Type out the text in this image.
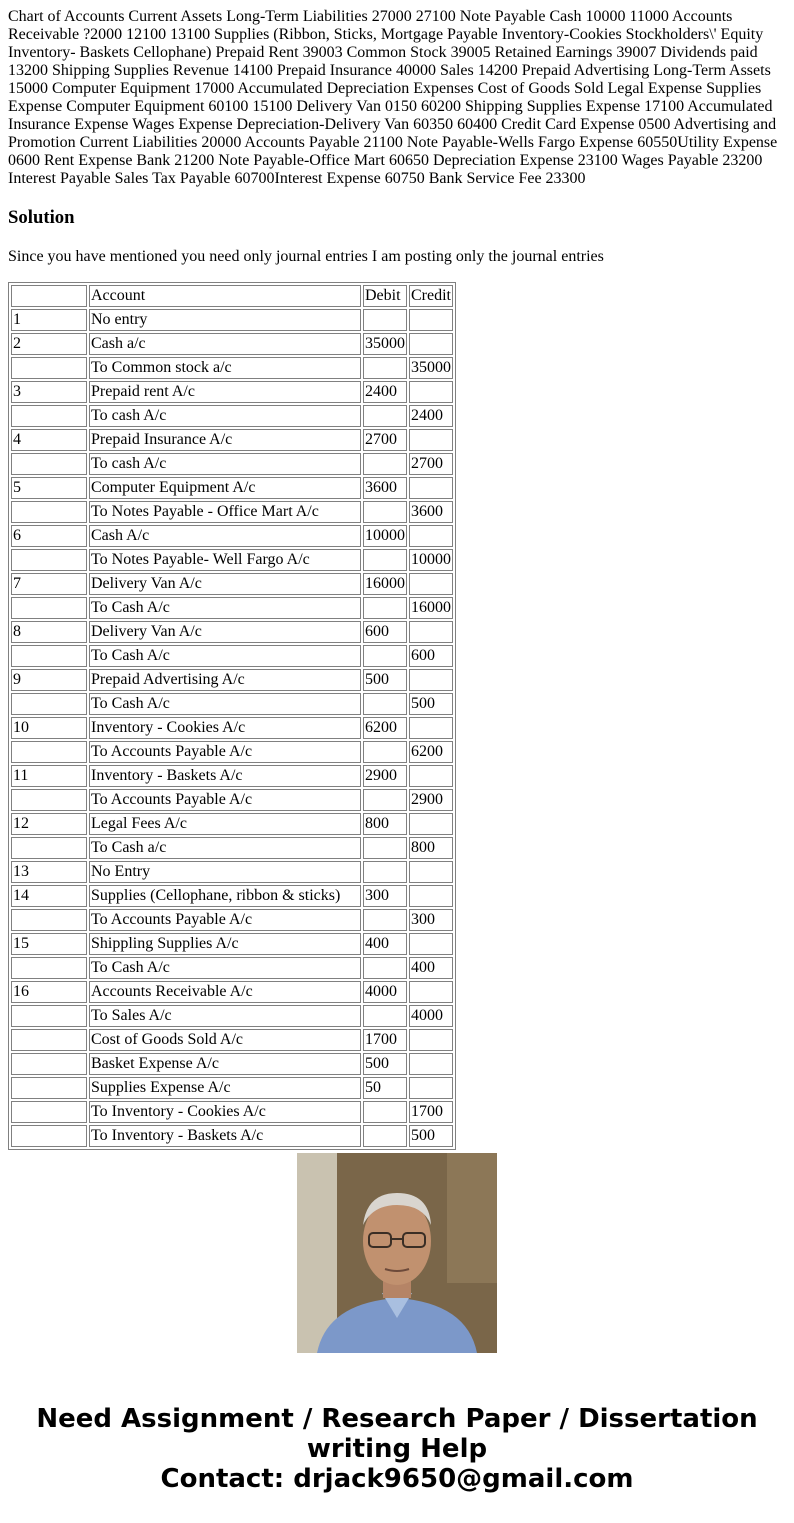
Chart of Accounts Current Assets Long-Term Liabilities 27000 27100 Note Payable Cash 10000 11000 Accounts Receivable ?2000 12100 13100 Supplies (Ribbon, Sticks, Mortgage Payable Inventory-Cookies Stockholders\' Equity Inventory- Baskets Cellophane) Prepaid Rent 39003 Common Stock 39005 Retained Earnings 39007 Dividends paid 13200 Shipping Supplies Revenue 14100 Prepaid Insurance 40000 Sales 14200 Prepaid Advertising Long-Term Assets 15000 Computer Equipment 17000 Accumulated Depreciation Expenses Cost of Goods Sold Legal Expense Supplies Expense Computer Equipment 60100 15100 Delivery Van 0150 60200 Shipping Supplies Expense 17100 Accumulated Insurance Expense Wages Expense Depreciation-Delivery Van 60350 60400 Credit Card Expense 0500 Advertising and Promotion Current Liabilities 20000 Accounts Payable 21100 Note Payable-Wells Fargo Expense 60550Utility Expense 0600 Rent Expense Bank 21200 Note Payable-Office Mart 60650 Depreciation Expense 23100 Wages Payable 23200 Interest Payable Sales Tax Payable 60700Interest Expense 60750 Bank Service Fee 23300

Solution

Since you have mentioned you need only journal entries I am posting only the journal entries

	Account	Debit	Credit
1	No entry		
2	Cash a/c	35000	
	To Common stock a/c		35000
3	Prepaid rent A/c	2400	
	To cash A/c		2400
4	Prepaid Insurance A/c	2700	
	To cash A/c		2700
5	Computer Equipment A/c	3600	
	To Notes Payable - Office Mart A/c		3600
6	Cash A/c	10000	
	To Notes Payable- Well Fargo A/c		10000
7	Delivery Van A/c	16000	
	To Cash A/c		16000
8	Delivery Van A/c	600	
	To Cash A/c		600
9	Prepaid Advertising A/c	500	
	To Cash A/c		500
10	Inventory - Cookies A/c	6200	
	To Accounts Payable A/c		6200
11	Inventory - Baskets A/c	2900	
	To Accounts Payable A/c		2900
12	Legal Fees A/c	800	
	To Cash a/c		800
13	No Entry		
14	Supplies (Cellophane, ribbon & sticks)	300	
	To Accounts Payable A/c		300
15	Shippling Supplies A/c	400	
	To Cash A/c		400
16	Accounts Receivable A/c	4000	
	To Sales A/c		4000
	Cost of Goods Sold A/c	1700	
	Basket Expense A/c	500	
	Supplies Expense A/c	50	
	To Inventory - Cookies A/c		1700
	To Inventory - Baskets A/c		500
Need Assignment / Research Paper / Dissertation
writing Help
Contact: drjack9650@gmail.com
